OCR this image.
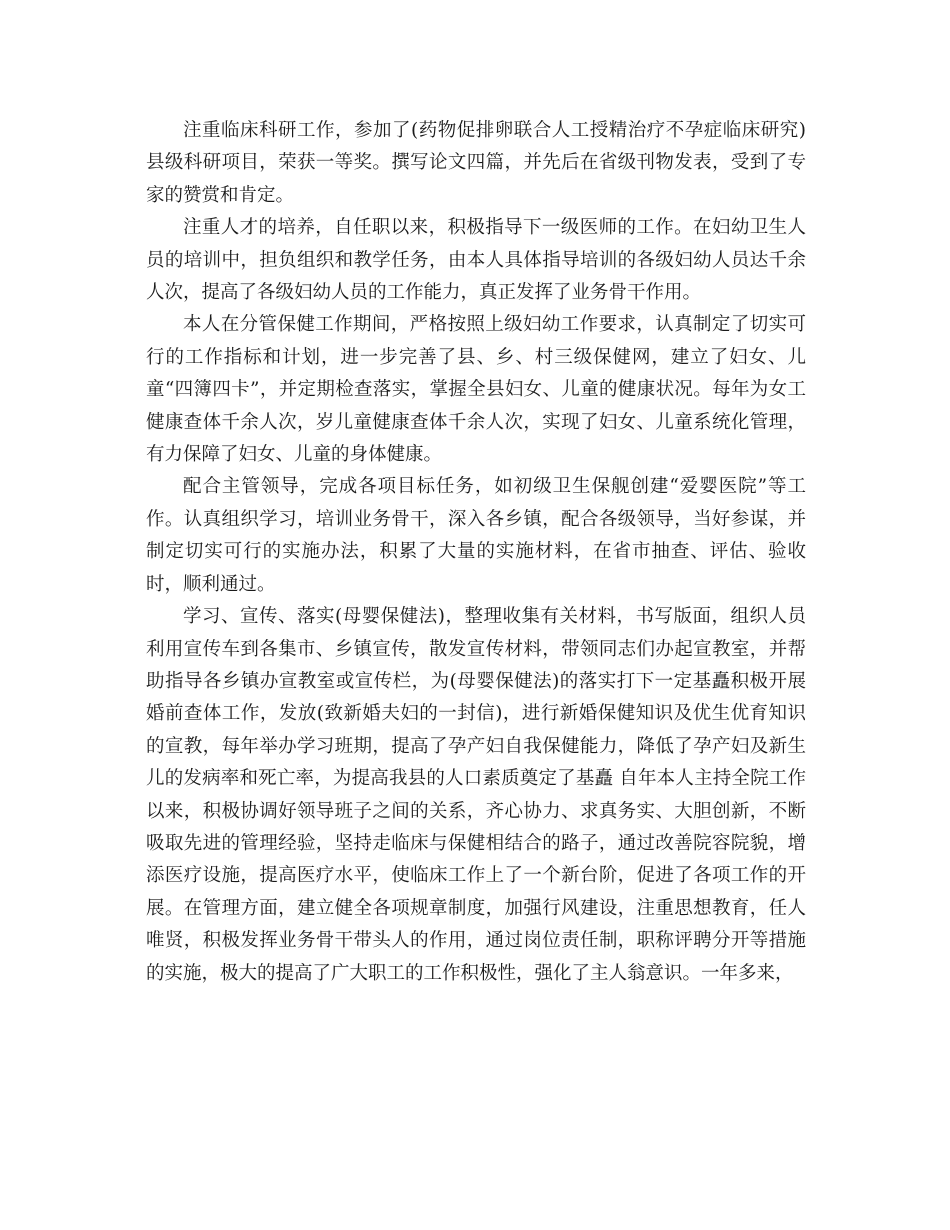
注重临床科研工作，参加了(药物促排卵联合人工授精治疗不孕症临床研究)县级科研项目，荣获一等奖。撰写论文四篇，并先后在省级刊物发表，受到了专家的赞赏和肯定。

注重人才的培养，自任职以来，积极指导下一级医师的工作。在妇幼卫生人员的培训中，担负组织和教学任务，由本人具体指导培训的各级妇幼人员达千余人次，提高了各级妇幼人员的工作能力，真正发挥了业务骨干作用。

本人在分管保健工作期间，严格按照上级妇幼工作要求，认真制定了切实可行的工作指标和计划，进一步完善了县、乡、村三级保健网，建立了妇女、儿童“四簿四卡”，并定期检查落实，掌握全县妇女、儿童的健康状况。每年为女工健康查体千余人次，岁儿童健康查体千余人次，实现了妇女、儿童系统化管理，有力保障了妇女、儿童的身体健康。

配合主管领导，完成各项目标任务，如初级卫生保舰创建“爱婴医院”等工作。认真组织学习，培训业务骨干，深入各乡镇，配合各级领导，当好参谋，并制定切实可行的实施办法，积累了大量的实施材料，在省市抽查、评估、验收时，顺利通过。

学习、宣传、落实(母婴保健法)，整理收集有关材料，书写版面，组织人员利用宣传车到各集市、乡镇宣传，散发宣传材料，带领同志们办起宣教室，并帮助指导各乡镇办宣教室或宣传栏，为(母婴保健法)的落实打下一定基矗积极开展婚前查体工作，发放(致新婚夫妇的一封信)，进行新婚保健知识及优生优育知识的宣教，每年举办学习班期，提高了孕产妇自我保健能力，降低了孕产妇及新生儿的发病率和死亡率，为提高我县的人口素质奠定了基矗 自年本人主持全院工作以来，积极协调好领导班子之间的关系，齐心协力、求真务实、大胆创新，不断吸取先进的管理经验，坚持走临床与保健相结合的路子，通过改善院容院貌，增添医疗设施，提高医疗水平，使临床工作上了一个新台阶，促进了各项工作的开展。在管理方面，建立健全各项规章制度，加强行风建设，注重思想教育，任人唯贤，积极发挥业务骨干带头人的作用，通过岗位责任制，职称评聘分开等措施的实施，极大的提高了广大职工的工作积极性，强化了主人翁意识。一年多来，
